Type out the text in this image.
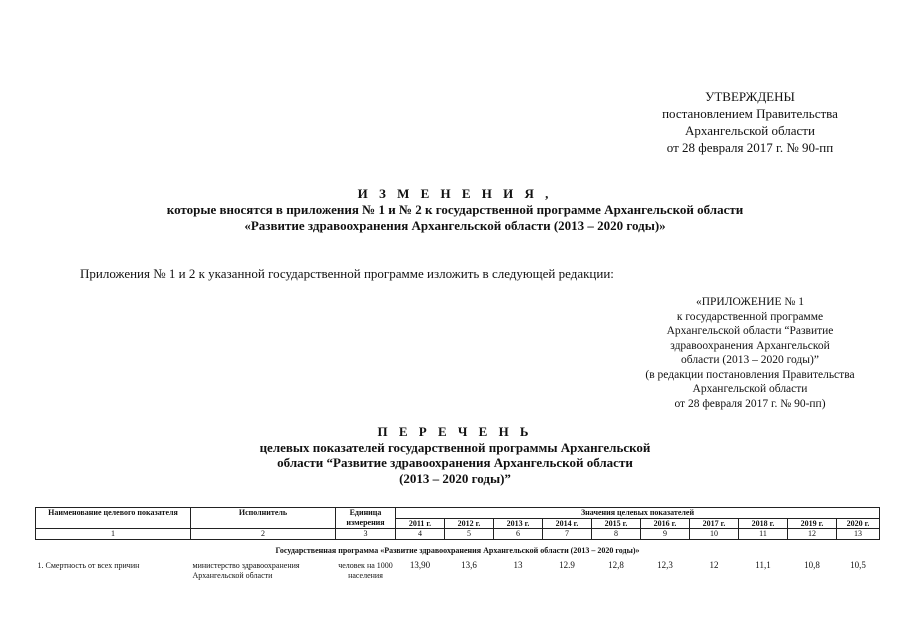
УТВЕРЖДЕНЫ
постановлением Правительства
Архангельской области
от 28 февраля 2017 г. № 90-пп
И З М Е Н Е Н И Я ,
которые вносятся в приложения № 1 и № 2 к государственной программе Архангельской области
«Развитие здравоохранения Архангельской области (2013 – 2020 годы)»
Приложения № 1 и 2 к указанной государственной программе изложить в следующей редакции:
«ПРИЛОЖЕНИЕ № 1
к государственной программе
Архангельской области “Развитие
здравоохранения Архангельской
области (2013 – 2020 годы)”
(в редакции постановления Правительства
Архангельской области
от 28 февраля 2017 г. № 90-пп)
П Е Р Е Ч Е Н Ь
целевых показателей государственной программы Архангельской
области “Развитие здравоохранения Архангельской области
(2013 – 2020 годы)”
Наименование целевого показателя	Исполнитель	Единица измерения	Значения целевых показателей									
			2011 г.	2012 г.	2013 г.	2014 г.	2015 г.	2016 г.	2017 г.	2018 г.	2019 г.	2020 г.
1	2	3	4	5	6	7	8	9	10	11	12	13
Государственная программа «Развитие здравоохранения Архангельской области (2013 – 2020 годы)»												
1. Смертность от всех причин	министерство здравоохранения Архангельской области	человек на 1000 населения	13,90	13,6	13	12.9	12,8	12,3	12	11,1	10,8	10,5
